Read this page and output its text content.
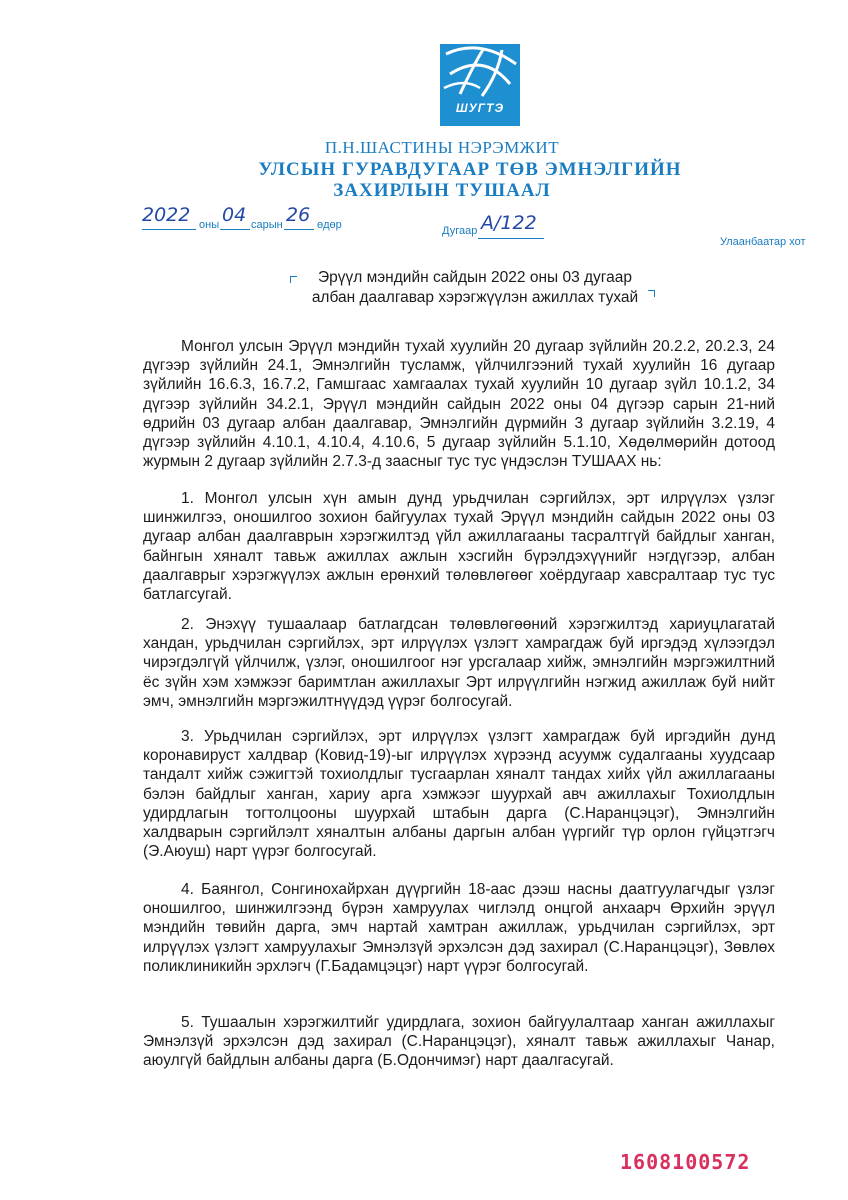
ШУГТЭ
П.Н.ШАСТИНЫ НЭРЭМЖИТ
УЛСЫН ГУРАВДУГААР ТӨВ ЭМНЭЛГИЙН
ЗАХИРЛЫН ТУШААЛ
2022 оны 04 сарын 26 өдөр	Дугаар А/122
Улаанбаатар хот
Эрүүл мэндийн сайдын 2022 оны 03 дугаар
албан даалгавар хэрэгжүүлэн ажиллах тухай
Монгол улсын Эрүүл мэндийн тухай хуулийн 20 дугаар зүйлийн 20.2.2, 20.2.3, 24 дүгээр зүйлийн 24.1, Эмнэлгийн тусламж, үйлчилгээний тухай хуулийн 16 дугаар зүйлийн 16.6.3, 16.7.2, Гамшгаас хамгаалах тухай хуулийн 10 дугаар зүйл 10.1.2, 34 дүгээр зүйлийн 34.2.1, Эрүүл мэндийн сайдын 2022 оны 04 дүгээр сарын 21-ний өдрийн 03 дугаар албан даалгавар, Эмнэлгийн дүрмийн 3 дугаар зүйлийн 3.2.19, 4 дүгээр зүйлийн 4.10.1, 4.10.4, 4.10.6, 5 дугаар зүйлийн 5.1.10, Хөдөлмөрийн дотоод журмын 2 дугаар зүйлийн 2.7.3-д заасныг тус тус үндэслэн ТУШААХ нь:
1. Монгол улсын хүн амын дунд урьдчилан сэргийлэх, эрт илрүүлэх үзлэг шинжилгээ, оношилгоо зохион байгуулах тухай Эрүүл мэндийн сайдын 2022 оны 03 дугаар албан даалгаврын хэрэгжилтэд үйл ажиллагааны тасралтгүй байдлыг ханган, байнгын хяналт тавьж ажиллах ажлын хэсгийн бүрэлдэхүүнийг нэгдүгээр, албан даалгаврыг хэрэгжүүлэх ажлын ерөнхий төлөвлөгөөг хоёрдугаар хавсралтаар тус тус батлагсугай.
2. Энэхүү тушаалаар батлагдсан төлөвлөгөөний хэрэгжилтэд хариуцлагатай хандан, урьдчилан сэргийлэх, эрт илрүүлэх үзлэгт хамрагдаж буй иргэдэд хүлээгдэл чирэгдэлгүй үйлчилж, үзлэг, оношилгоог нэг урсгалаар хийж, эмнэлгийн мэргэжилтний ёс зүйн хэм хэмжээг баримтлан ажиллахыг Эрт илрүүлгийн нэгжид ажиллаж буй нийт эмч, эмнэлгийн мэргэжилтнүүдэд үүрэг болгосугай.
3. Урьдчилан сэргийлэх, эрт илрүүлэх үзлэгт хамрагдаж буй иргэдийн дунд коронавируст халдвар (Ковид-19)-ыг илрүүлэх хүрээнд асуумж судалгааны хуудсаар тандалт хийж сэжигтэй тохиолдлыг тусгаарлан хяналт тандах хийх үйл ажиллагааны бэлэн байдлыг ханган, хариу арга хэмжээг шуурхай авч ажиллахыг Тохиолдлын удирдлагын тогтолцооны шуурхай штабын дарга (С.Наранцэцэг), Эмнэлгийн халдварын сэргийлэлт хяналтын албаны даргын албан үүргийг түр орлон гүйцэтгэгч (Э.Аюуш) нарт үүрэг болгосугай.
4. Баянгол, Сонгинохайрхан дүүргийн 18-аас дээш насны даатгуулагчдыг үзлэг оношилгоо, шинжилгээнд бүрэн хамруулах чиглэлд онцгой анхаарч Өрхийн эрүүл мэндийн төвийн дарга, эмч нартай хамтран ажиллаж, урьдчилан сэргийлэх, эрт илрүүлэх үзлэгт хамруулахыг Эмнэлзүй эрхэлсэн дэд захирал (С.Наранцэцэг), Зөвлөх поликлиникийн эрхлэгч (Г.Бадамцэцэг) нарт үүрэг болгосугай.
5. Тушаалын хэрэгжилтийг удирдлага, зохион байгуулалтаар ханган ажиллахыг Эмнэлзүй эрхэлсэн дэд захирал (С.Наранцэцэг), хяналт тавьж ажиллахыг Чанар, аюулгүй байдлын албаны дарга (Б.Одончимэг) нарт даалгасугай.
1608100572
